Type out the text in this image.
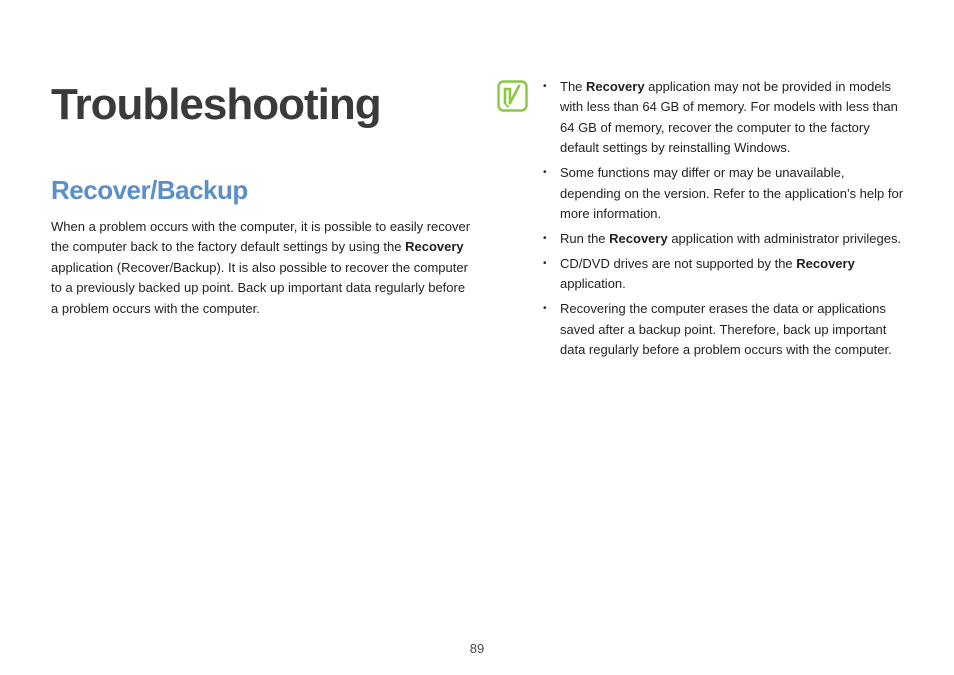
Troubleshooting
Recover/Backup

When a problem occurs with the computer, it is possible to easily recover the computer back to the factory default settings by using the Recovery application (Recover/Backup). It is also possible to recover the computer to a previously backed up point. Back up important data regularly before a problem occurs with the computer.

• The Recovery application may not be provided in models with less than 64 GB of memory. For models with less than 64 GB of memory, recover the computer to the factory default settings by reinstalling Windows.
• Some functions may differ or may be unavailable, depending on the version. Refer to the application’s help for more information.
• Run the Recovery application with administrator privileges.
• CD/DVD drives are not supported by the Recovery application.
• Recovering the computer erases the data or applications saved after a backup point. Therefore, back up important data regularly before a problem occurs with the computer.
89
